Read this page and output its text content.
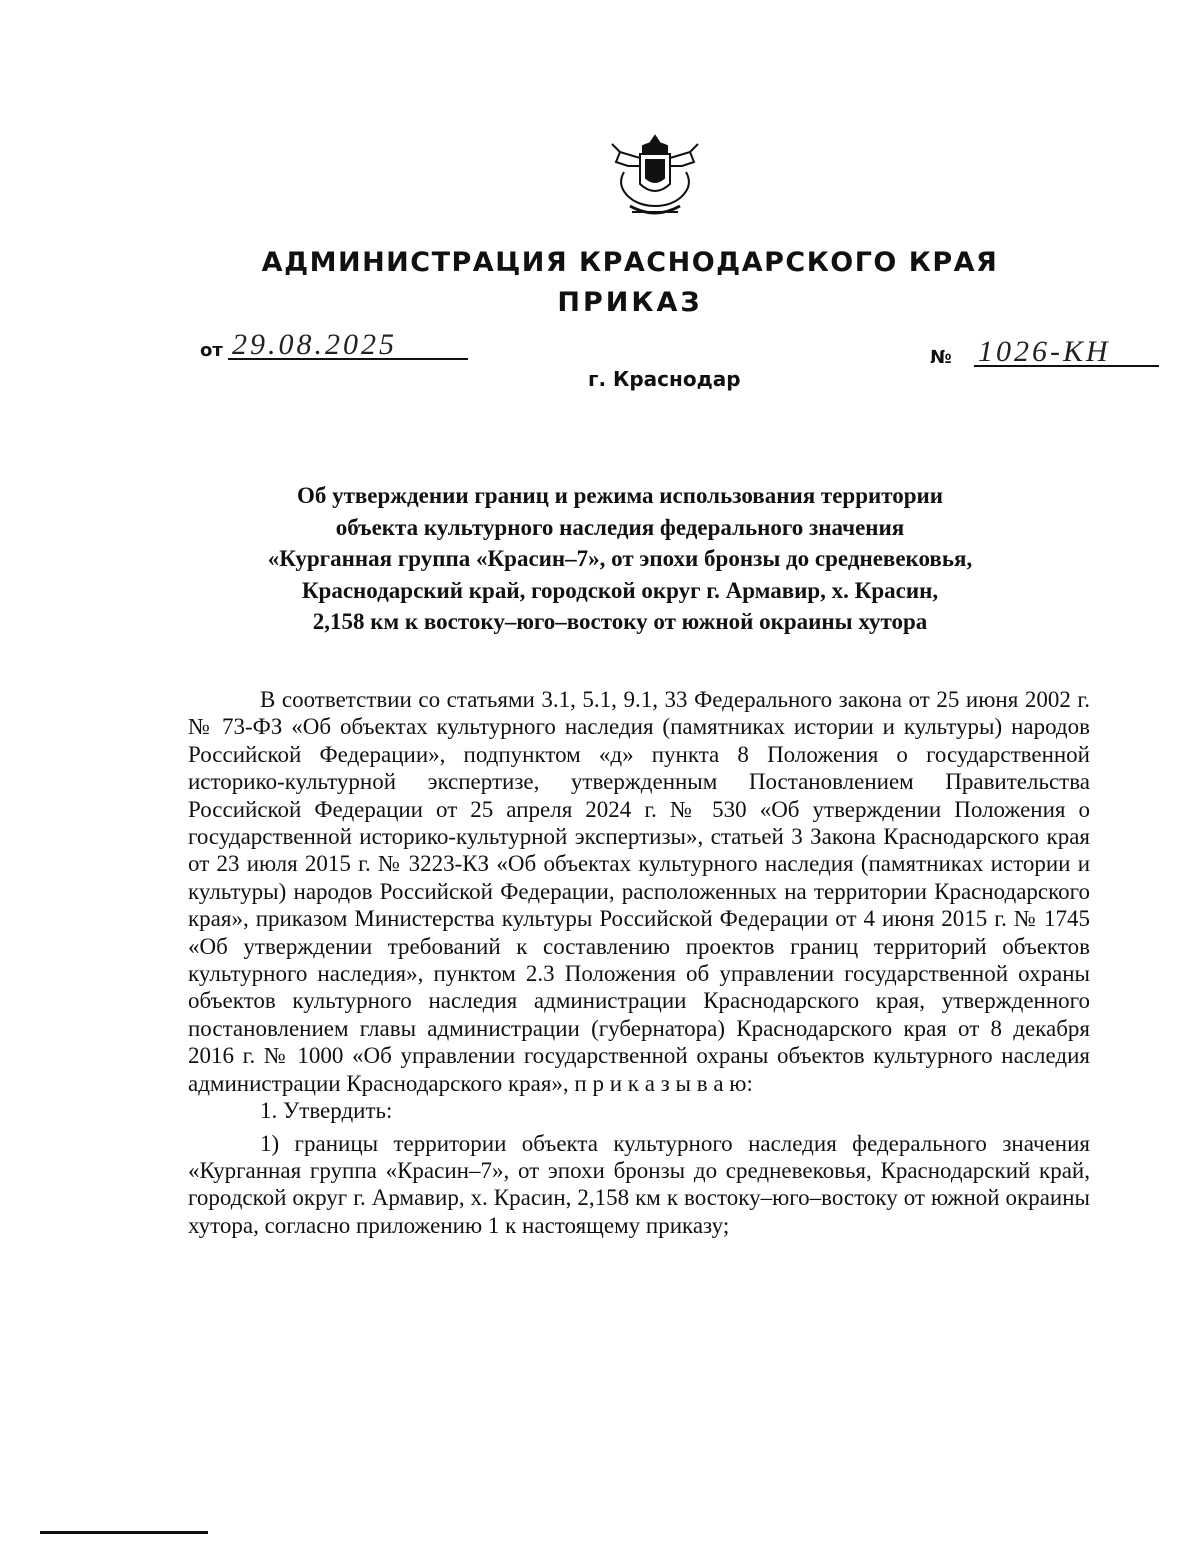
АДМИНИСТРАЦИЯ КРАСНОДАРСКОГО КРАЯ
ПРИКАЗ
от 29.08.2025
г. Краснодар
№ 1026-КН
Об утверждении границ и режима использования территории
объекта культурного наследия федерального значения
«Курганная группа «Красин–7», от эпохи бронзы до средневековья,
Краснодарский край, городской округ г. Армавир, х. Красин,
2,158 км к востоку–юго–востоку от южной окраины хутора

В соответствии со статьями 3.1, 5.1, 9.1, 33 Федерального закона от 25 июня 2002 г. № 73-ФЗ «Об объектах культурного наследия (памятниках истории и культуры) народов Российской Федерации», подпунктом «д» пункта 8 Положения о государственной историко-культурной экспертизе, утвержденным Постановлением Правительства Российской Федерации от 25 апреля 2024 г. № 530 «Об утверждении Положения о государственной историко-культурной экспертизы», статьей 3 Закона Краснодарского края от 23 июля 2015 г. № 3223-КЗ «Об объектах культурного наследия (памятниках истории и культуры) народов Российской Федерации, расположенных на территории Краснодарского края», приказом Министерства культуры Российской Федерации от 4 июня 2015 г. № 1745 «Об утверждении требований к составлению проектов границ территорий объектов культурного наследия», пунктом 2.3 Положения об управлении государственной охраны объектов культурного наследия администрации Краснодарского края, утвержденного постановлением главы администрации (губернатора) Краснодарского края от 8 декабря 2016 г. № 1000 «Об управлении государственной охраны объектов культурного наследия администрации Краснодарского края», п р и к а з ы в а ю:

1. Утвердить:

1) границы территории объекта культурного наследия федерального значения «Курганная группа «Красин–7», от эпохи бронзы до средневековья, Краснодарский край, городской округ г. Армавир, х. Красин, 2,158 км к востоку–юго–востоку от южной окраины хутора, согласно приложению 1 к настоящему приказу;
